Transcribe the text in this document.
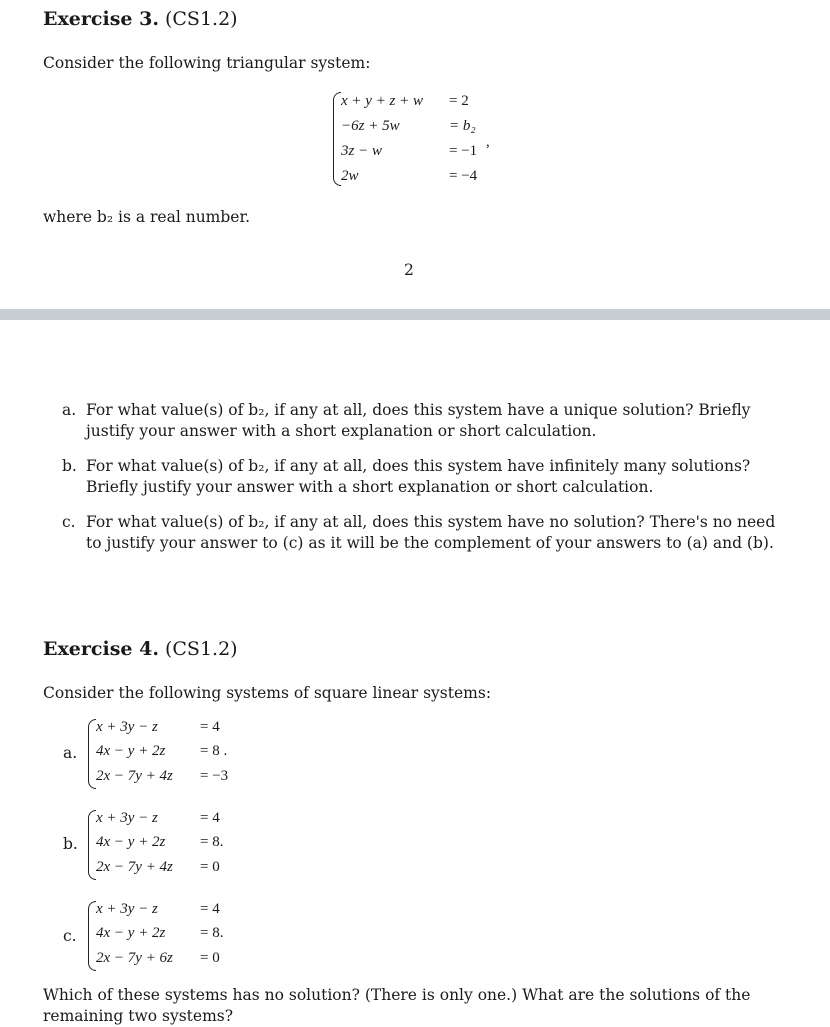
Exercise 3. (CS1.2)
Consider the following triangular system:
x + y + z + w = 2
−6z + 5w	= b₂
3z − w	= −1
,
2w	= −4
where b₂ is a real number.
2
a. For what value(s) of b₂, if any at all, does this system have a unique solution? Briefly justify your answer with a short explanation or short calculation.
b. For what value(s) of b₂, if any at all, does this system have infinitely many solutions? Briefly justify your answer with a short explanation or short calculation.
c. For what value(s) of b₂, if any at all, does this system have no solution? There's no need to justify your answer to (c) as it will be the complement of your answers to (a) and (b).
Exercise 4. (CS1.2)
Consider the following systems of square linear systems:
a.
x + 3y − z	= 4
4x − y + 2z = 8 .
2x − 7y + 4z = −3
b.
x + 3y − z	= 4
4x − y + 2z = 8.
2x − 7y + 4z = 0
c.
x + 3y − z	= 4
4x − y + 2z = 8.
2x − 7y + 6z = 0
Which of these systems has no solution? (There is only one.) What are the solutions of the remaining two systems?
